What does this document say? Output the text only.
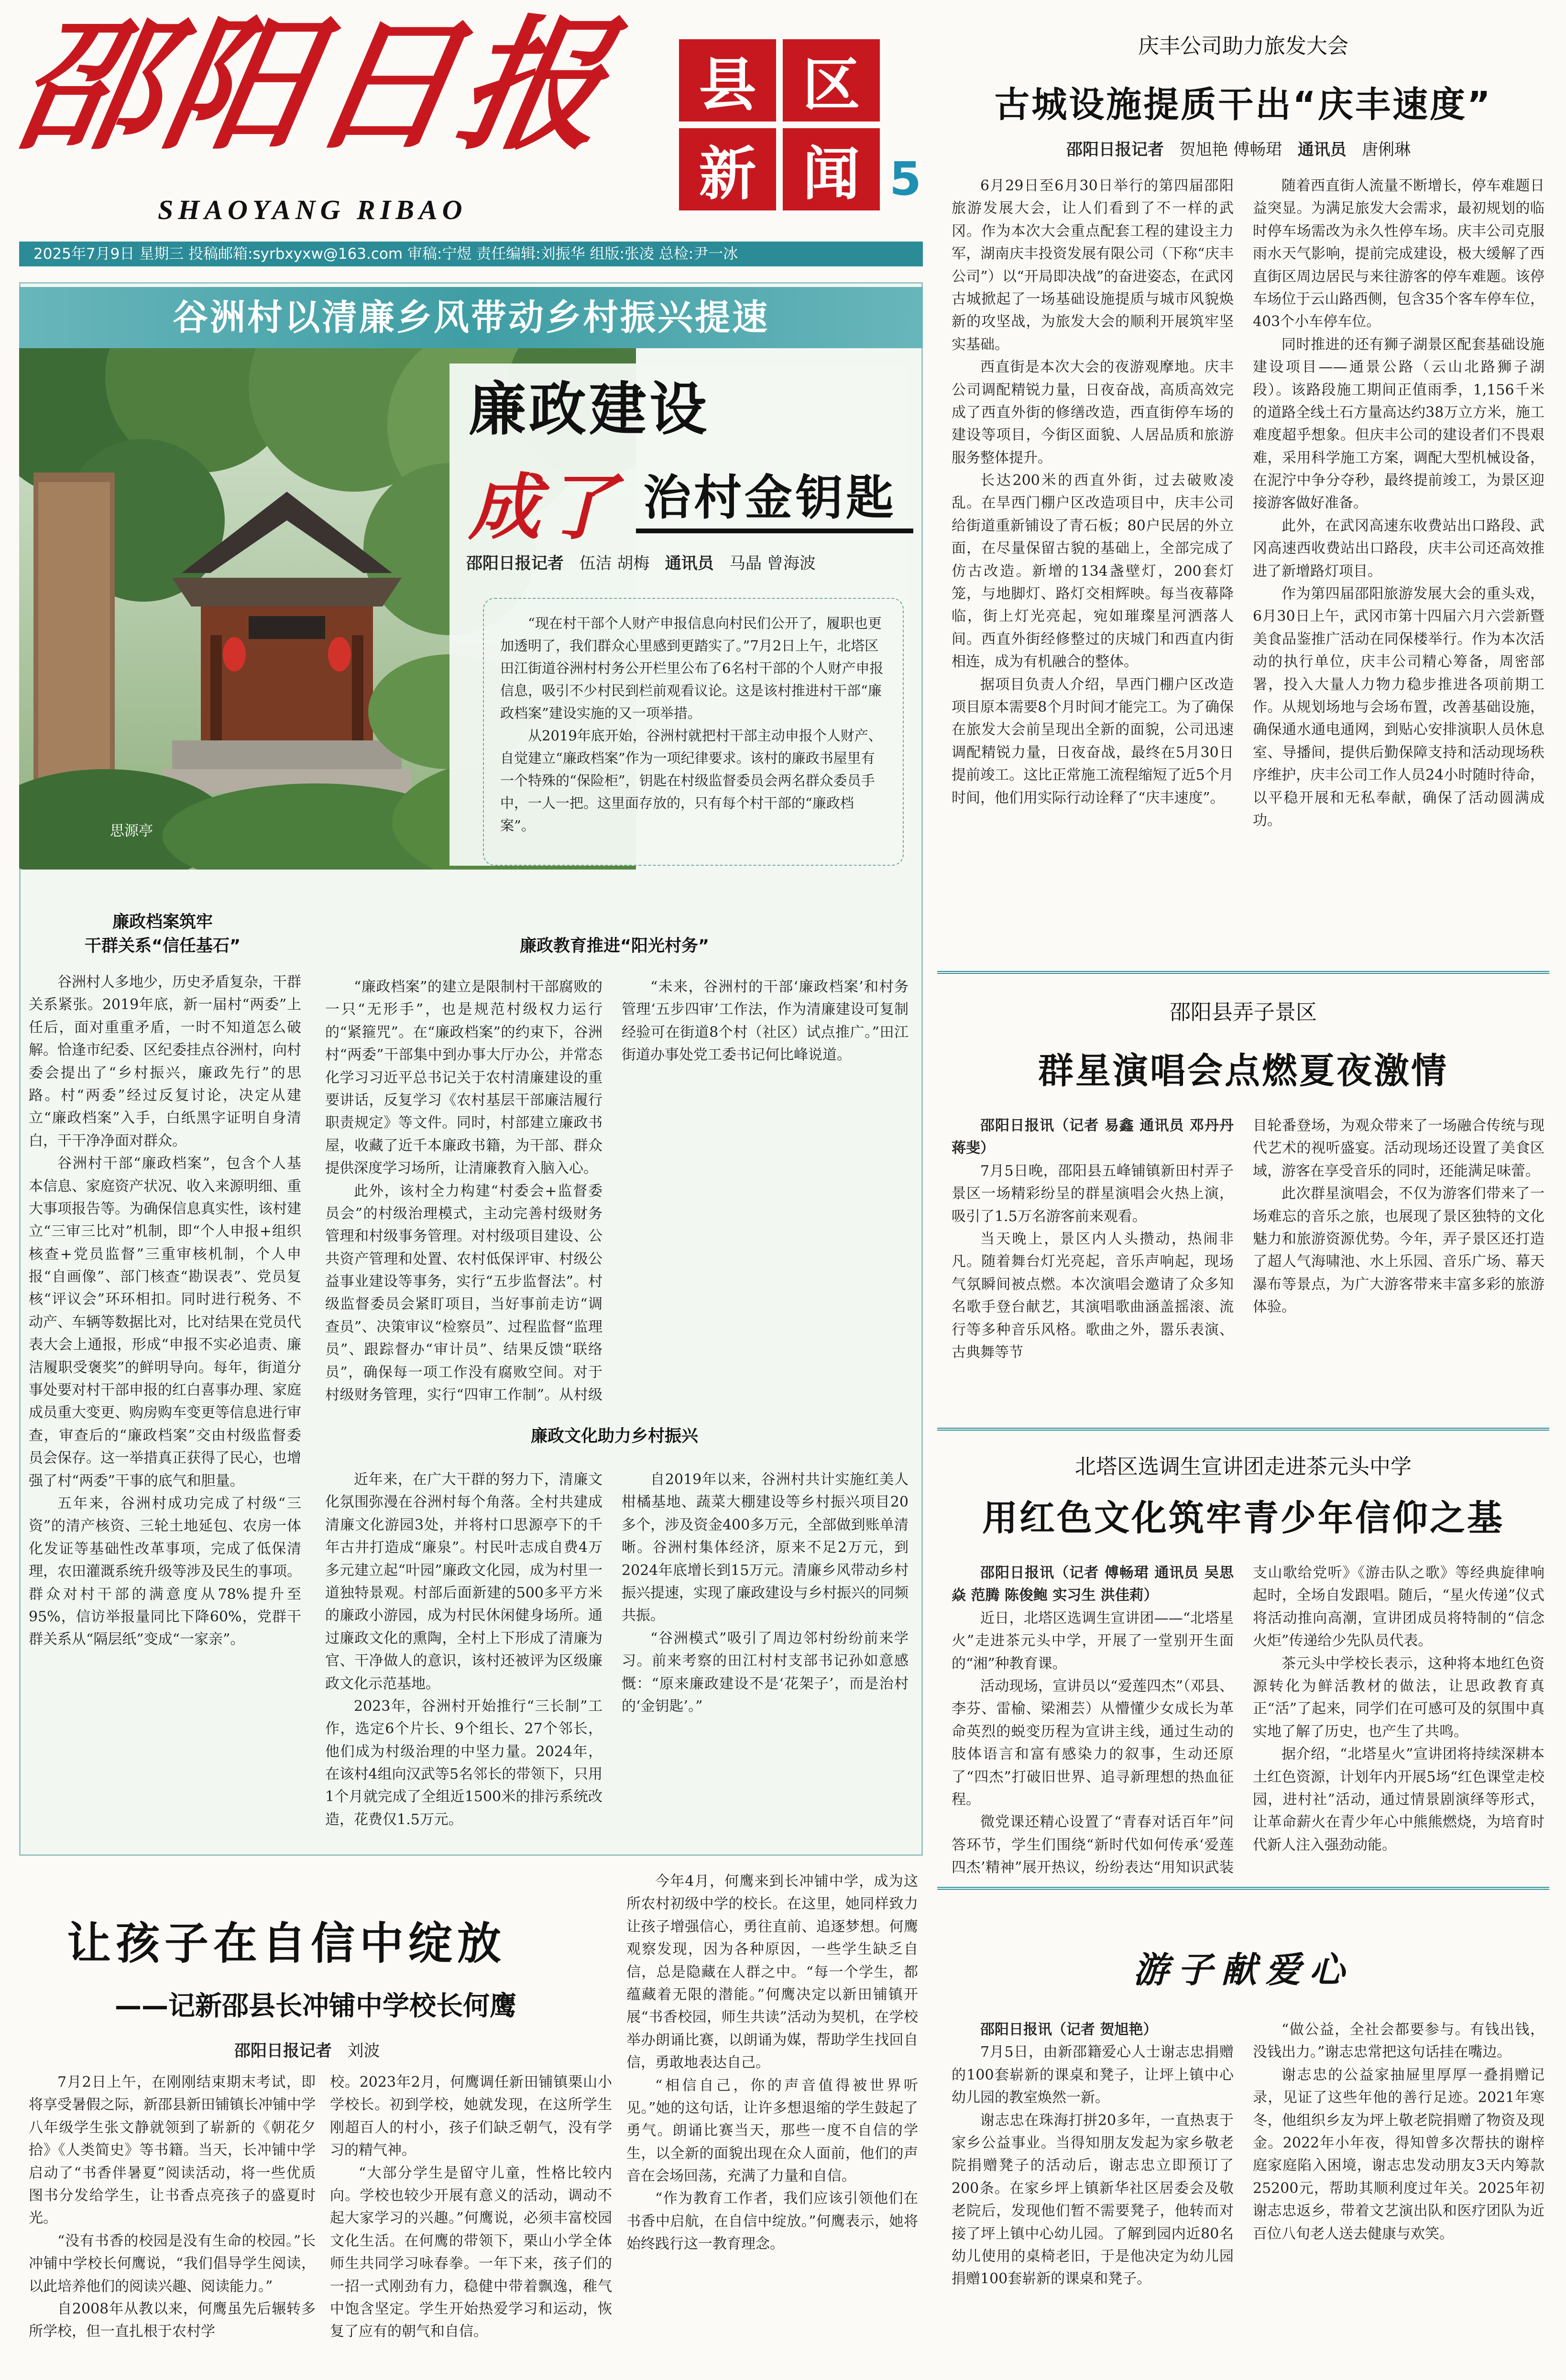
邵阳日报
SHAOYANG RIBAO
县 区
新 闻 5
2025年7月9日 星期三 投稿邮箱:syrbxyxw@163.com 审稿:宁煜 责任编辑:刘振华 组版:张凌 总检:尹一冰
谷洲村以清廉乡风带动乡村振兴提速
思源亭
廉政建设
成了 治村金钥匙
邵阳日报记者 伍洁 胡梅 通讯员 马晶 曾海波

“现在村干部个人财产申报信息向村民们公开了，履职也更加透明了，我们群众心里感到更踏实了。”7月2日上午，北塔区田江街道谷洲村村务公开栏里公布了6名村干部的个人财产申报信息，吸引不少村民到栏前观看议论。这是该村推进村干部“廉政档案”建设实施的又一项举措。

从2019年底开始，谷洲村就把村干部主动申报个人财产、自觉建立“廉政档案”作为一项纪律要求。该村的廉政书屋里有一个特殊的“保险柜”，钥匙在村级监督委员会两名群众委员手中，一人一把。这里面存放的，只有每个村干部的“廉政档案”。

廉政档案筑牢
干群关系“信任基石”

谷洲村人多地少，历史矛盾复杂，干群关系紧张。2019年底，新一届村“两委”上任后，面对重重矛盾，一时不知道怎么破解。恰逢市纪委、区纪委挂点谷洲村，向村委会提出了“乡村振兴，廉政先行”的思路。村“两委”经过反复讨论，决定从建立“廉政档案”入手，白纸黑字证明自身清白，干干净净面对群众。

谷洲村干部“廉政档案”，包含个人基本信息、家庭资产状况、收入来源明细、重大事项报告等。为确保信息真实性，该村建立“三审三比对”机制，即“个人申报+组织核查+党员监督”三重审核机制，个人申报“自画像”、部门核查“勘误表”、党员复核“评议会”环环相扣。同时进行税务、不动产、车辆等数据比对，比对结果在党员代表大会上通报，形成“申报不实必追责、廉洁履职受褒奖”的鲜明导向。每年，街道分事处要对村干部申报的红白喜事办理、家庭成员重大变更、购房购车变更等信息进行审查，审查后的“廉政档案”交由村级监督委员会保存。这一举措真正获得了民心，也增强了村“两委”干事的底气和胆量。

五年来，谷洲村成功完成了村级“三资”的清产核资、三轮土地延包、农房一体化发证等基础性改革事项，完成了低保清理，农田灌溉系统升级等涉及民生的事项。群众对村干部的满意度从78%提升至95%，信访举报量同比下降60%，党群干群关系从“隔层纸”变成“一家亲”。

廉政教育推进“阳光村务”

“廉政档案”的建立是限制村干部腐败的一只“无形手”，也是规范村级权力运行的“紧箍咒”。在“廉政档案”的约束下，谷洲村“两委”干部集中到办事大厅办公，并常态化学习习近平总书记关于农村清廉建设的重要讲话，反复学习《农村基层干部廉洁履行职责规定》等文件。同时，村部建立廉政书屋，收藏了近千本廉政书籍，为干部、群众提供深度学习场所，让清廉教育入脑入心。

此外，该村全力构建“村委会+监督委员会”的村级治理模式，主动完善村级财务管理和村级事务管理。对村级项目建设、公共资产管理和处置、农村低保评审、村级公益事业建设等事务，实行“五步监督法”。村级监督委员会紧盯项目，当好事前走访“调查员”、决策审议“检察员”、过程监督“监理员”、跟踪督办“审计员”、结果反馈“联络员”，确保每一项工作没有腐败空间。对于村级财务管理，实行“四审工作制”。从村级

“未来，谷洲村的干部‘廉政档案’和村务管理‘五步四审’工作法，作为清廉建设可复制经验可在街道8个村（社区）试点推广。”田江街道办事处党工委书记何比峰说道。

廉政文化助力乡村振兴

近年来，在广大干群的努力下，清廉文化氛围弥漫在谷洲村每个角落。全村共建成清廉文化游园3处，并将村口思源亭下的千年古井打造成“廉泉”。村民叶志成自费4万多元建立起“叶园”廉政文化园，成为村里一道独特景观。村部后面新建的500多平方米的廉政小游园，成为村民休闲健身场所。通过廉政文化的熏陶，全村上下形成了清廉为官、干净做人的意识，该村还被评为区级廉政文化示范基地。

2023年，谷洲村开始推行“三长制”工作，选定6个片长、9个组长、27个邻长，他们成为村级治理的中坚力量。2024年，在该村4组向汉武等5名邻长的带领下，只用1个月就完成了全组近1500米的排污系统改造，花费仅1.5万元。

自2019年以来，谷洲村共计实施红美人柑橘基地、蔬菜大棚建设等乡村振兴项目20多个，涉及资金400多万元，全部做到账单清晰。谷洲村集体经济，原来不足2万元，到2024年底增长到15万元。清廉乡风带动乡村振兴提速，实现了廉政建设与乡村振兴的同频共振。

“谷洲模式”吸引了周边邻村纷纷前来学习。前来考察的田江村村支部书记孙如意感慨：“原来廉政建设不是‘花架子’，而是治村的‘金钥匙’。”

庆丰公司助力旅发大会
古城设施提质干出“庆丰速度”
邵阳日报记者 贺旭艳 傅畅珺 通讯员 唐俐琳

6月29日至6月30日举行的第四届邵阳旅游发展大会，让人们看到了不一样的武冈。作为本次大会重点配套工程的建设主力军，湖南庆丰投资发展有限公司（下称“庆丰公司”）以“开局即决战”的奋进姿态，在武冈古城掀起了一场基础设施提质与城市风貌焕新的攻坚战，为旅发大会的顺利开展筑牢坚实基础。

西直街是本次大会的夜游观摩地。庆丰公司调配精锐力量，日夜奋战，高质高效完成了西直外街的修缮改造，西直街停车场的建设等项目，今街区面貌、人居品质和旅游服务整体提升。

长达200米的西直外街，过去破败凌乱。在旱西门棚户区改造项目中，庆丰公司给街道重新铺设了青石板；80户民居的外立面，在尽量保留古貌的基础上，全部完成了仿古改造。新增的134盏壁灯，200套灯笼，与地脚灯、路灯交相辉映。每当夜幕降临，街上灯光亮起，宛如璀璨星河洒落人间。西直外街经修整过的庆城门和西直内街相连，成为有机融合的整体。

据项目负责人介绍，旱西门棚户区改造项目原本需要8个月时间才能完工。为了确保在旅发大会前呈现出全新的面貌，公司迅速调配精锐力量，日夜奋战，最终在5月30日提前竣工。这比正常施工流程缩短了近5个月时间，他们用实际行动诠释了“庆丰速度”。

随着西直街人流量不断增长，停车难题日益突显。为满足旅发大会需求，最初规划的临时停车场需改为永久性停车场。庆丰公司克服雨水天气影响，提前完成建设，极大缓解了西直街区周边居民与来往游客的停车难题。该停车场位于云山路西侧，包含35个客车停车位，403个小车停车位。

同时推进的还有狮子湖景区配套基础设施建设项目——通景公路（云山北路狮子湖段）。该路段施工期间正值雨季，1,156千米的道路全线土石方量高达约38万立方米，施工难度超乎想象。但庆丰公司的建设者们不畏艰难，采用科学施工方案，调配大型机械设备，在泥泞中争分夺秒，最终提前竣工，为景区迎接游客做好准备。

此外，在武冈高速东收费站出口路段、武冈高速西收费站出口路段，庆丰公司还高效推进了新增路灯项目。

作为第四届邵阳旅游发展大会的重头戏，6月30日上午，武冈市第十四届六月六尝新暨美食品鉴推广活动在同保楼举行。作为本次活动的执行单位，庆丰公司精心筹备，周密部署，投入大量人力物力稳步推进各项前期工作。从规划场地与会场布置，改善基础设施，确保通水通电通网，到贴心安排演职人员休息室、导播间，提供后勤保障支持和活动现场秩序维护，庆丰公司工作人员24小时随时待命，以平稳开展和无私奉献，确保了活动圆满成功。

邵阳县弄子景区
群星演唱会点燃夏夜激情

邵阳日报讯（记者 易鑫 通讯员 邓丹丹 蒋斐）

7月5日晚，邵阳县五峰铺镇新田村弄子景区一场精彩纷呈的群星演唱会火热上演，吸引了1.5万名游客前来观看。

当天晚上，景区内人头攒动，热闹非凡。随着舞台灯光亮起，音乐声响起，现场气氛瞬间被点燃。本次演唱会邀请了众多知名歌手登台献艺，其演唱歌曲涵盖摇滚、流行等多种音乐风格。歌曲之外，嚣乐表演、古典舞等节

目轮番登场，为观众带来了一场融合传统与现代艺术的视听盛宴。活动现场还设置了美食区域，游客在享受音乐的同时，还能满足味蕾。

此次群星演唱会，不仅为游客们带来了一场难忘的音乐之旅，也展现了景区独特的文化魅力和旅游资源优势。今年，弄子景区还打造了超人气海啸池、水上乐园、音乐广场、幕天瀑布等景点，为广大游客带来丰富多彩的旅游体验。

北塔区选调生宣讲团走进茶元头中学
用红色文化筑牢青少年信仰之基

邵阳日报讯（记者 傅畅珺 通讯员 吴思焱 范腾 陈俊鲍 实习生 洪佳莉）

近日，北塔区选调生宣讲团——“北塔星火”走进茶元头中学，开展了一堂别开生面的“湘”种教育课。

活动现场，宣讲员以“爱莲四杰”（邓县、李芬、雷榆、梁湘芸）从懵懂少女成长为革命英烈的蜕变历程为宣讲主线，通过生动的肢体语言和富有感染力的叙事，生动还原了“四杰”打破旧世界、追寻新理想的热血征程。

微党课还精心设置了“青春对话百年”问答环节，学生们围绕“新时代如何传承‘爱莲四杰’精神”展开热议，纷纷表达“用知识武装

支山歌给党听》《游击队之歌》等经典旋律响起时，全场自发跟唱。随后，“星火传递”仪式将活动推向高潮，宣讲团成员将特制的“信念火炬”传递给少先队员代表。

茶元头中学校长表示，这种将本地红色资源转化为鲜活教材的做法，让思政教育真正“活”了起来，同学们在可感可及的氛围中真实地了解了历史，也产生了共鸣。

据介绍，“北塔星火”宣讲团将持续深耕本土红色资源，计划年内开展5场“红色课堂走校园，进村社”活动，通过情景剧演绎等形式，让革命薪火在青少年心中熊熊燃烧，为培育时代新人注入强劲动能。

游子献爱心

邵阳日报讯（记者 贺旭艳）

7月5日，由新邵籍爱心人士谢志忠捐赠的100套崭新的课桌和凳子，让坪上镇中心幼儿园的教室焕然一新。

谢志忠在珠海打拼20多年，一直热衷于家乡公益事业。当得知朋友发起为家乡敬老院捐赠凳子的活动后，谢志忠立即预订了200条。在家乡坪上镇新华社区居委会及敬老院后，发现他们暂不需要凳子，他转而对接了坪上镇中心幼儿园。了解到园内近80名幼儿使用的桌椅老旧，于是他决定为幼儿园捐赠100套崭新的课桌和凳子。

“做公益，全社会都要参与。有钱出钱，没钱出力。”谢志忠常把这句话挂在嘴边。

谢志忠的公益家抽屉里厚厚一叠捐赠记录，见证了这些年他的善行足迹。2021年寒冬，他组织乡友为坪上敬老院捐赠了物资及现金。2022年小年夜，得知曾多次帮扶的谢梓庭家庭陷入困境，谢志忠发动朋友3天内筹款25200元，帮助其顺利度过年关。2025年初谢志忠返乡，带着文艺演出队和医疗团队为近百位八旬老人送去健康与欢笑。

让孩子在自信中绽放
——记新邵县长冲铺中学校长何鹰
邵阳日报记者 刘波

7月2日上午，在刚刚结束期末考试，即将享受暑假之际，新邵县新田铺镇长冲铺中学八年级学生张文静就领到了崭新的《朝花夕拾》《人类简史》等书籍。当天，长冲铺中学启动了“书香伴暑夏”阅读活动，将一些优质图书分发给学生，让书香点亮孩子的盛夏时光。

“没有书香的校园是没有生命的校园。”长冲铺中学校长何鹰说，“我们倡导学生阅读，以此培养他们的阅读兴趣、阅读能力。”

自2008年从教以来，何鹰虽先后辗转多所学校，但一直扎根于农村学

校。2023年2月，何鹰调任新田铺镇栗山小学校长。初到学校，她就发现，在这所学生刚超百人的村小，孩子们缺乏朝气，没有学习的精气神。

“大部分学生是留守儿童，性格比较内向。学校也较少开展有意义的活动，调动不起大家学习的兴趣。”何鹰说，必须丰富校园文化生活。在何鹰的带领下，栗山小学全体师生共同学习咏春拳。一年下来，孩子们的一招一式刚劲有力，稳健中带着飘逸，稚气中饱含坚定。学生开始热爱学习和运动，恢复了应有的朝气和自信。

今年4月，何鹰来到长冲铺中学，成为这所农村初级中学的校长。在这里，她同样致力让孩子增强信心，勇往直前、追逐梦想。何鹰观察发现，因为各种原因，一些学生缺乏自信，总是隐藏在人群之中。“每一个学生，都蕴藏着无限的潜能。”何鹰决定以新田铺镇开展“书香校园，师生共读”活动为契机，在学校举办朗诵比赛，以朗诵为媒，帮助学生找回自信，勇敢地表达自己。

“相信自己，你的声音值得被世界听见。”她的这句话，让许多想退缩的学生鼓起了勇气。朗诵比赛当天，那些一度不自信的学生，以全新的面貌出现在众人面前，他们的声音在会场回荡，充满了力量和自信。

“作为教育工作者，我们应该引领他们在书香中启航，在自信中绽放。”何鹰表示，她将始终践行这一教育理念。
